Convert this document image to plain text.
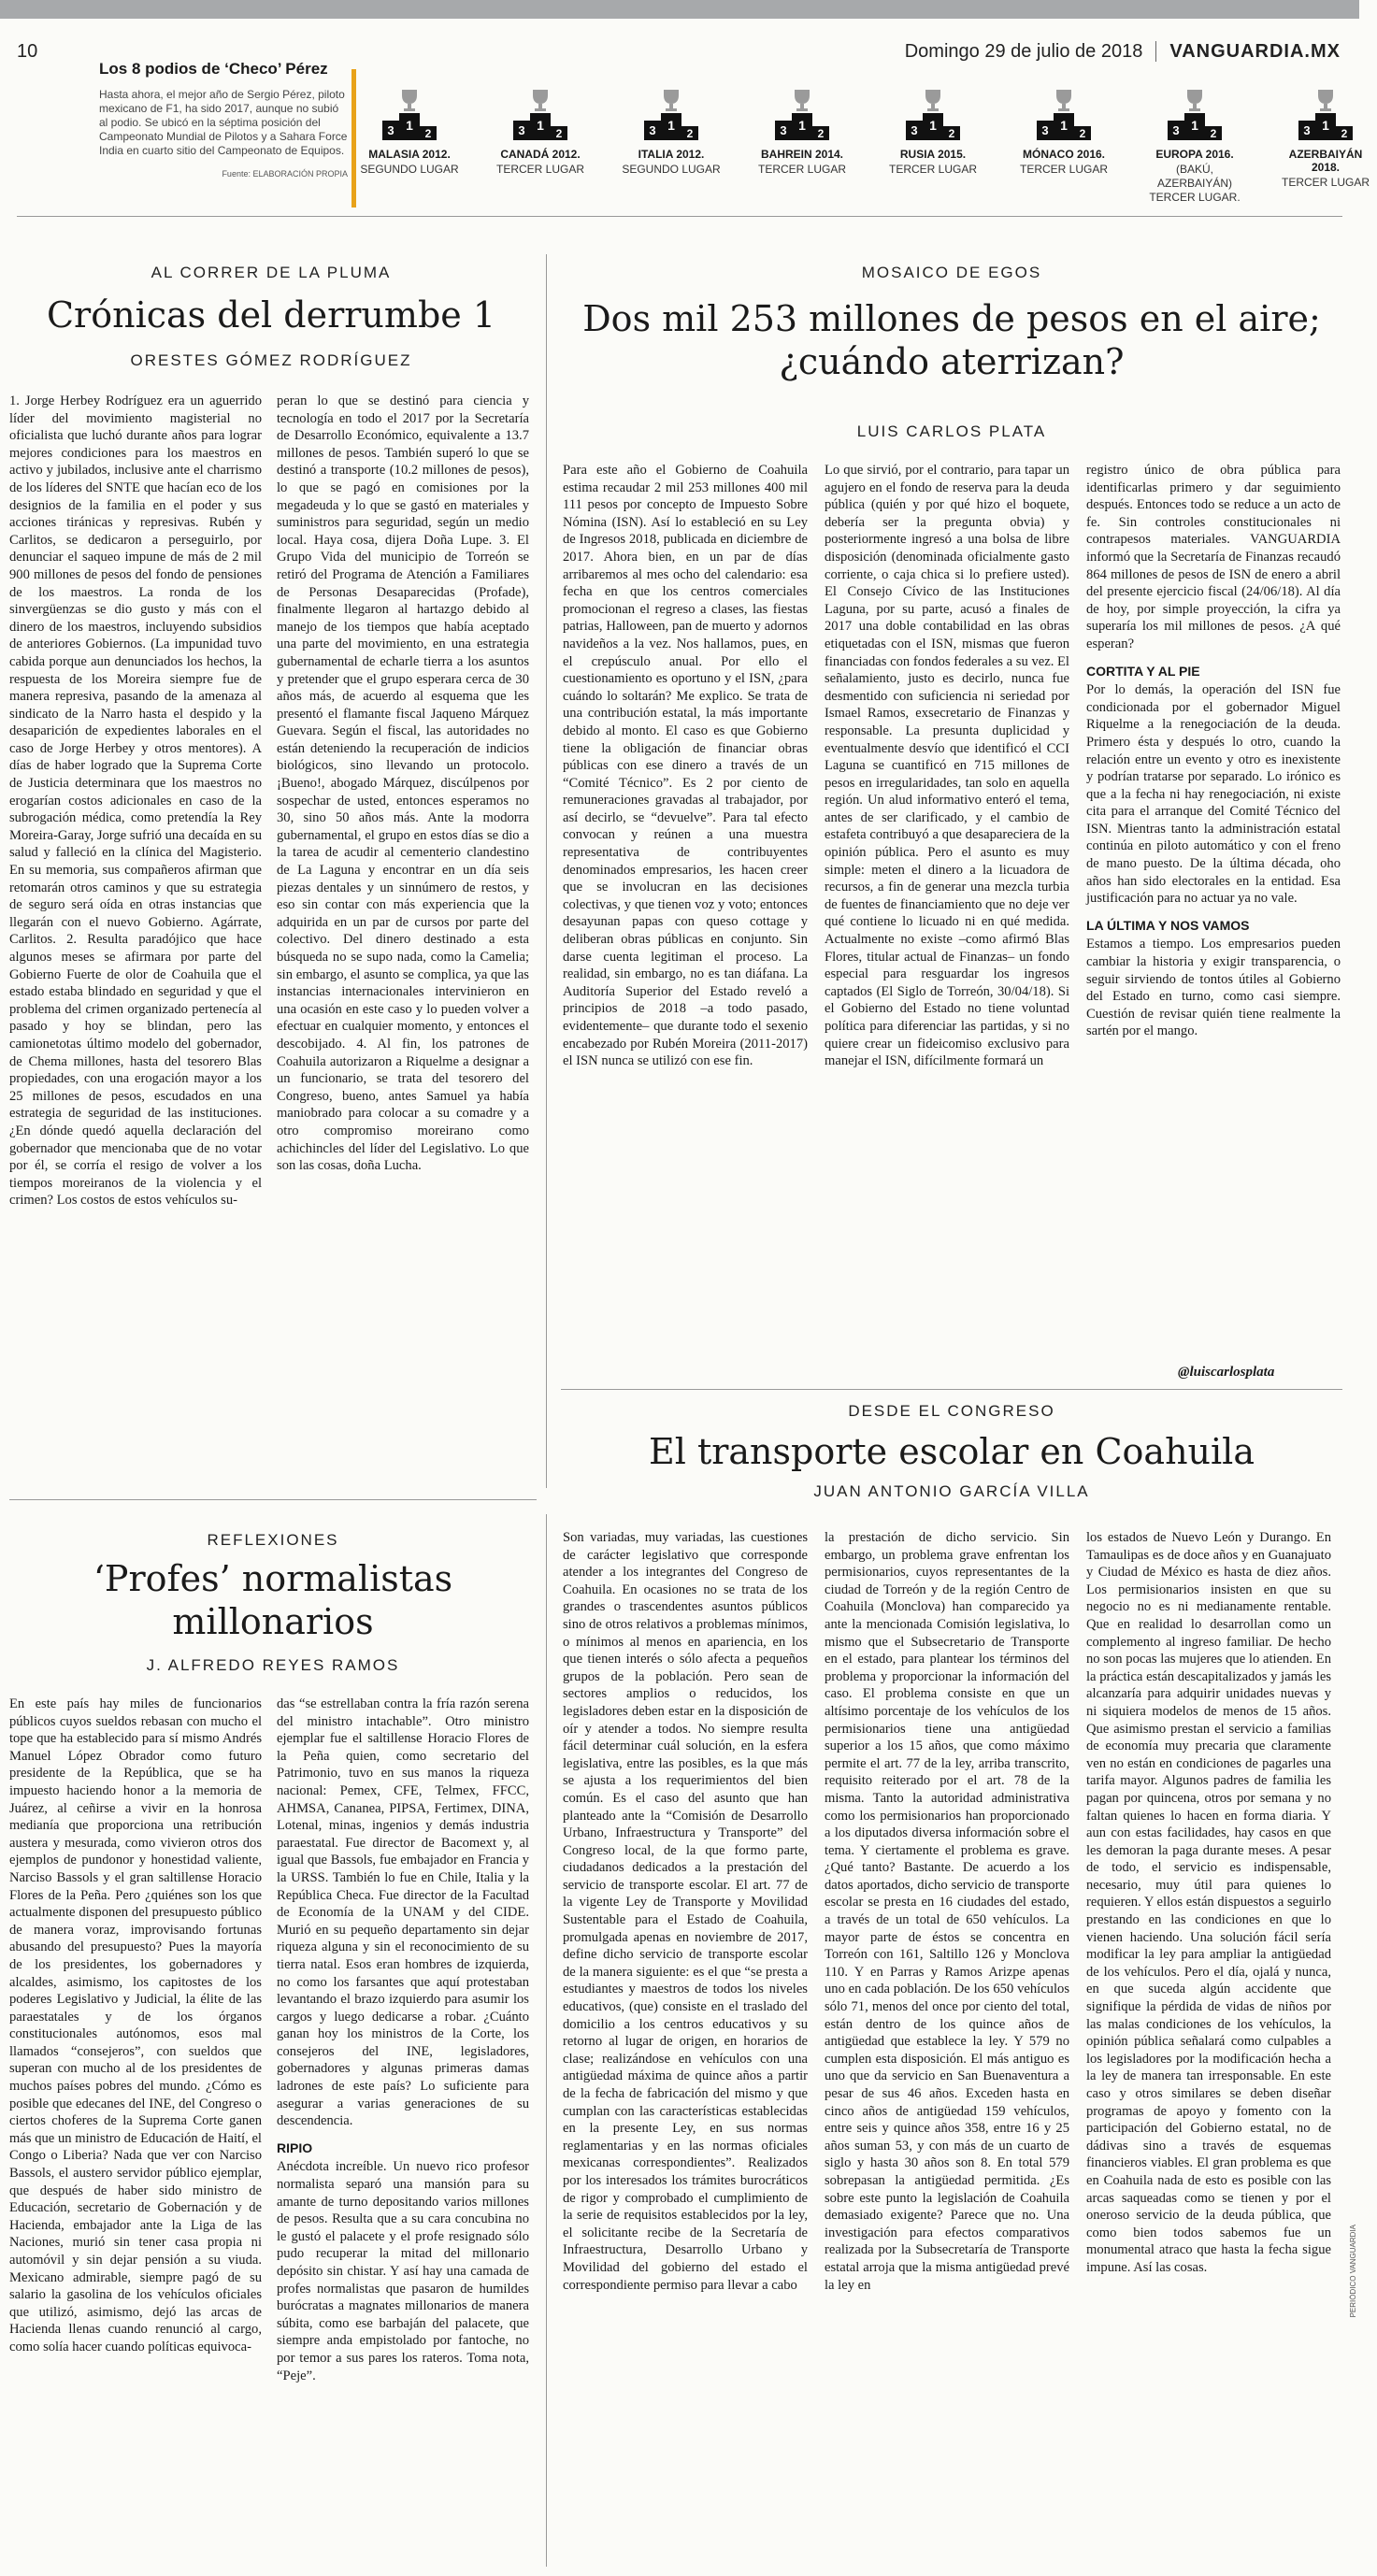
10	Domingo 29 de julio de 2018 VANGUARDIA.MX
Los 8 podios de ‘Checo’ Pérez

Hasta ahora, el mejor año de Sergio Pérez, piloto mexicano de F1, ha sido 2017, aunque no subió al podio. Se ubicó en la séptima posición del Campeonato Mundial de Pilotos y a Sahara Force India en cuarto sitio del Campeonato de Equipos.

Fuente: ELABORACIÓN PROPIA
1
3	2
MALASIA 2012.
SEGUNDO LUGAR
1
3	2
CANADÁ 2012.
TERCER LUGAR
1
3	2
ITALIA 2012.
SEGUNDO LUGAR
1
3	2
BAHREIN 2014.
TERCER LUGAR
1
3	2
RUSIA 2015.
TERCER LUGAR
1
3	2
MÓNACO 2016.
TERCER LUGAR
1
3	2
EUROPA 2016.
(BAKÚ, AZERBAIYÁN) TERCER LUGAR.
1
3	2
AZERBAIYÁN 2018.
TERCER LUGAR
AL CORRER DE LA PLUMA
Crónicas del derrumbe 1
ORESTES GÓMEZ RODRÍGUEZ

1. Jorge Herbey Rodríguez era un aguerrido líder del movimiento magisterial no oficialista que luchó durante años para lograr mejores condiciones para los maestros en activo y jubilados, inclusive ante el charrismo de los líderes del SNTE que hacían eco de los designios de la familia en el poder y sus acciones tiránicas y represivas. Rubén y Carlitos, se dedicaron a perseguirlo, por denunciar el saqueo impune de más de 2 mil 900 millones de pesos del fondo de pensiones de los maestros. La ronda de los sinvergüenzas se dio gusto y más con el dinero de los maestros, incluyendo subsidios de anteriores Gobiernos. (La impunidad tuvo cabida porque aun denunciados los hechos, la respuesta de los Moreira siempre fue de manera represiva, pasando de la amenaza al sindicato de la Narro hasta el despido y la desaparición de expedientes laborales en el caso de Jorge Herbey y otros mentores). A días de haber logrado que la Suprema Corte de Justicia determinara que los maestros no erogarían costos adicionales en caso de la subrogación médica, como pretendía la Rey Moreira-Garay, Jorge sufrió una decaída en su salud y falleció en la clínica del Magisterio. En su memoria, sus compañeros afirman que retomarán otros caminos y que su estrategia de seguro será oída en otras instancias que llegarán con el nuevo Gobierno. Agárrate, Carlitos. 2. Resulta paradójico que hace algunos meses se afirmara por parte del Gobierno Fuerte de olor de Coahuila que el estado estaba blindado en seguridad y que el problema del crimen organizado pertenecía al pasado y hoy se blindan, pero las camionetotas último modelo del gobernador, de Chema millones, hasta del tesorero Blas propiedades, con una erogación mayor a los 25 millones de pesos, escudados en una estrategia de seguridad de las instituciones. ¿En dónde quedó aquella declaración del gobernador que mencionaba que de no votar por él, se corría el resigo de volver a los tiempos moreiranos de la violencia y el crimen? Los costos de estos vehículos su-

peran lo que se destinó para ciencia y tecnología en todo el 2017 por la Secretaría de Desarrollo Económico, equivalente a 13.7 millones de pesos. También superó lo que se destinó a transporte (10.2 millones de pesos), lo que se pagó en comisiones por la megadeuda y lo que se gastó en materiales y suministros para seguridad, según un medio local. Haya cosa, dijera Doña Lupe. 3. El Grupo Vida del municipio de Torreón se retiró del Programa de Atención a Familiares de Personas Desaparecidas (Profade), finalmente llegaron al hartazgo debido al manejo de los tiempos que había aceptado una parte del movimiento, en una estrategia gubernamental de echarle tierra a los asuntos y pretender que el grupo esperara cerca de 30 años más, de acuerdo al esquema que les presentó el flamante fiscal Jaqueno Márquez Guevara. Según el fiscal, las autoridades no están deteniendo la recuperación de indicios biológicos, sino llevando un protocolo. ¡Bueno!, abogado Márquez, discúlpenos por sospechar de usted, entonces esperamos no 30, sino 50 años más. Ante la modorra gubernamental, el grupo en estos días se dio a la tarea de acudir al cementerio clandestino de La Laguna y encontrar en un día seis piezas dentales y un sinnúmero de restos, y eso sin contar con más experiencia que la adquirida en un par de cursos por parte del colectivo. Del dinero destinado a esta búsqueda no se supo nada, como la Camelia; sin embargo, el asunto se complica, ya que las instancias internacionales intervinieron en una ocasión en este caso y lo pueden volver a efectuar en cualquier momento, y entonces el descobijado. 4. Al fin, los patrones de Coahuila autorizaron a Riquelme a designar a un funcionario, se trata del tesorero del Congreso, bueno, antes Samuel ya había maniobrado para colocar a su comadre y a otro compromiso moreirano como achichincles del líder del Legislativo. Lo que son las cosas, doña Lucha.

MOSAICO DE EGOS
Dos mil 253 millones de pesos en el aire; ¿cuándo aterrizan?
LUIS CARLOS PLATA

Para este año el Gobierno de Coahuila estima recaudar 2 mil 253 millones 400 mil 111 pesos por concepto de Impuesto Sobre Nómina (ISN). Así lo estableció en su Ley de Ingresos 2018, publicada en diciembre de 2017. Ahora bien, en un par de días arribaremos al mes ocho del calendario: esa fecha en que los centros comerciales promocionan el regreso a clases, las fiestas patrias, Halloween, pan de muerto y adornos navideños a la vez. Nos hallamos, pues, en el crepúsculo anual. Por ello el cuestionamiento es oportuno y el ISN, ¿para cuándo lo soltarán? Me explico. Se trata de una contribución estatal, la más importante debido al monto. El caso es que Gobierno tiene la obligación de financiar obras públicas con ese dinero a través de un “Comité Técnico”. Es 2 por ciento de remuneraciones gravadas al trabajador, por así decirlo, se “devuelve”. Para tal efecto convocan y reúnen a una muestra representativa de contribuyentes denominados empresarios, les hacen creer que se involucran en las decisiones colectivas, y que tienen voz y voto; entonces desayunan papas con queso cottage y deliberan obras públicas en conjunto. Sin darse cuenta legitiman el proceso. La realidad, sin embargo, no es tan diáfana. La Auditoría Superior del Estado reveló a principios de 2018 –a todo pasado, evidentemente– que durante todo el sexenio encabezado por Rubén Moreira (2011-2017) el ISN nunca se utilizó con ese fin.

Lo que sirvió, por el contrario, para tapar un agujero en el fondo de reserva para la deuda pública (quién y por qué hizo el boquete, debería ser la pregunta obvia) y posteriormente ingresó a una bolsa de libre disposición (denominada oficialmente gasto corriente, o caja chica si lo prefiere usted). El Consejo Cívico de las Instituciones Laguna, por su parte, acusó a finales de 2017 una doble contabilidad en las obras etiquetadas con el ISN, mismas que fueron financiadas con fondos federales a su vez. El señalamiento, justo es decirlo, nunca fue desmentido con suficiencia ni seriedad por Ismael Ramos, exsecretario de Finanzas y responsable. La presunta duplicidad y eventualmente desvío que identificó el CCI Laguna se cuantificó en 715 millones de pesos en irregularidades, tan solo en aquella región. Un alud informativo enteró el tema, antes de ser clarificado, y el cambio de estafeta contribuyó a que desapareciera de la opinión pública. Pero el asunto es muy simple: meten el dinero a la licuadora de recursos, a fin de generar una mezcla turbia de fuentes de financiamiento que no deje ver qué contiene lo licuado ni en qué medida. Actualmente no existe –como afirmó Blas Flores, titular actual de Finanzas– un fondo especial para resguardar los ingresos captados (El Siglo de Torreón, 30/04/18). Si el Gobierno del Estado no tiene voluntad política para diferenciar las partidas, y si no quiere crear un fideicomiso exclusivo para manejar el ISN, difícilmente formará un

registro único de obra pública para identificarlas primero y dar seguimiento después. Entonces todo se reduce a un acto de fe. Sin controles constitucionales ni contrapesos materiales. VANGUARDIA informó que la Secretaría de Finanzas recaudó 864 millones de pesos de ISN de enero a abril del presente ejercicio fiscal (24/06/18). Al día de hoy, por simple proyección, la cifra ya superaría los mil millones de pesos. ¿A qué esperan?

CORTITA Y AL PIE

Por lo demás, la operación del ISN fue condicionada por el gobernador Miguel Riquelme a la renegociación de la deuda. Primero ésta y después lo otro, cuando la relación entre un evento y otro es inexistente y podrían tratarse por separado. Lo irónico es que a la fecha ni hay renegociación, ni existe cita para el arranque del Comité Técnico del ISN. Mientras tanto la administración estatal continúa en piloto automático y con el freno de mano puesto. De la última década, oho años han sido electorales en la entidad. Esa justificación para no actuar ya no vale.

LA ÚLTIMA Y NOS VAMOS

Estamos a tiempo. Los empresarios pueden cambiar la historia y exigir transparencia, o seguir sirviendo de tontos útiles al Gobierno del Estado en turno, como casi siempre. Cuestión de revisar quién tiene realmente la sartén por el mango.

@luiscarlosplata
DESDE EL CONGRESO
El transporte escolar en Coahuila
JUAN ANTONIO GARCÍA VILLA
REFLEXIONES
‘Profes’ normalistas millonarios
J. ALFREDO REYES RAMOS

En este país hay miles de funcionarios públicos cuyos sueldos rebasan con mucho el tope que ha establecido para sí mismo Andrés Manuel López Obrador como futuro presidente de la República, que se ha impuesto haciendo honor a la memoria de Juárez, al ceñirse a vivir en la honrosa medianía que proporciona una retribución austera y mesurada, como vivieron otros dos ejemplos de pundonor y honestidad valiente, Narciso Bassols y el gran saltillense Horacio Flores de la Peña. Pero ¿quiénes son los que actualmente disponen del presupuesto público de manera voraz, improvisando fortunas abusando del presupuesto? Pues la mayoría de los presidentes, los gobernadores y alcaldes, asimismo, los capitostes de los poderes Legislativo y Judicial, la élite de las paraestatales y de los órganos constitucionales autónomos, esos mal llamados “consejeros”, con sueldos que superan con mucho al de los presidentes de muchos países pobres del mundo. ¿Cómo es posible que edecanes del INE, del Congreso o ciertos choferes de la Suprema Corte ganen más que un ministro de Educación de Haití, el Congo o Liberia? Nada que ver con Narciso Bassols, el austero servidor público ejemplar, que después de haber sido ministro de Educación, secretario de Gobernación y de Hacienda, embajador ante la Liga de las Naciones, murió sin tener casa propia ni automóvil y sin dejar pensión a su viuda. Mexicano admirable, siempre pagó de su salario la gasolina de los vehículos oficiales que utilizó, asimismo, dejó las arcas de Hacienda llenas cuando renunció al cargo, como solía hacer cuando políticas equivoca-

das “se estrellaban contra la fría razón serena del ministro intachable”. Otro ministro ejemplar fue el saltillense Horacio Flores de la Peña quien, como secretario del Patrimonio, tuvo en sus manos la riqueza nacional: Pemex, CFE, Telmex, FFCC, AHMSA, Cananea, PIPSA, Fertimex, DINA, Lotenal, minas, ingenios y demás industria paraestatal. Fue director de Bacomext y, al igual que Bassols, fue embajador en Francia y la URSS. También lo fue en Chile, Italia y la República Checa. Fue director de la Facultad de Economía de la UNAM y del CIDE. Murió en su pequeño departamento sin dejar riqueza alguna y sin el reconocimiento de su tierra natal. Esos eran hombres de izquierda, no como los farsantes que aquí protestaban levantando el brazo izquierdo para asumir los cargos y luego dedicarse a robar. ¿Cuánto ganan hoy los ministros de la Corte, los consejeros del INE, legisladores, gobernadores y algunas primeras damas ladrones de este país? Lo suficiente para asegurar a varias generaciones de su descendencia.

RIPIO

Anécdota increíble. Un nuevo rico profesor normalista separó una mansión para su amante de turno depositando varios millones de pesos. Resulta que a su cara concubina no le gustó el palacete y el profe resignado sólo pudo recuperar la mitad del millonario depósito sin chistar. Y así hay una camada de profes normalistas que pasaron de humildes burócratas a magnates millonarios de manera súbita, como ese barbaján del palacete, que siempre anda empistolado por fantoche, no por temor a sus pares los rateros. Toma nota, “Peje”.

Son variadas, muy variadas, las cuestiones de carácter legislativo que corresponde atender a los integrantes del Congreso de Coahuila. En ocasiones no se trata de los grandes o trascendentes asuntos públicos sino de otros relativos a problemas mínimos, o mínimos al menos en apariencia, en los que tienen interés o sólo afecta a pequeños grupos de la población. Pero sean de sectores amplios o reducidos, los legisladores deben estar en la disposición de oír y atender a todos. No siempre resulta fácil determinar cuál solución, en la esfera legislativa, entre las posibles, es la que más se ajusta a los requerimientos del bien común. Es el caso del asunto que han planteado ante la “Comisión de Desarrollo Urbano, Infraestructura y Transporte” del Congreso local, de la que formo parte, ciudadanos dedicados a la prestación del servicio de transporte escolar. El art. 77 de la vigente Ley de Transporte y Movilidad Sustentable para el Estado de Coahuila, promulgada apenas en noviembre de 2017, define dicho servicio de transporte escolar de la manera siguiente: es el que “se presta a estudiantes y maestros de todos los niveles educativos, (que) consiste en el traslado del domicilio a los centros educativos y su retorno al lugar de origen, en horarios de clase; realizándose en vehículos con una antigüedad máxima de quince años a partir de la fecha de fabricación del mismo y que cumplan con las características establecidas en la presente Ley, en sus normas reglamentarias y en las normas oficiales mexicanas correspondientes”. Realizados por los interesados los trámites burocráticos de rigor y comprobado el cumplimiento de la serie de requisitos establecidos por la ley, el solicitante recibe de la Secretaría de Infraestructura, Desarrollo Urbano y Movilidad del gobierno del estado el correspondiente permiso para llevar a cabo

la prestación de dicho servicio. Sin embargo, un problema grave enfrentan los permisionarios, cuyos representantes de la ciudad de Torreón y de la región Centro de Coahuila (Monclova) han comparecido ya ante la mencionada Comisión legislativa, lo mismo que el Subsecretario de Transporte en el estado, para plantear los términos del problema y proporcionar la información del caso. El problema consiste en que un altísimo porcentaje de los vehículos de los permisionarios tiene una antigüedad superior a los 15 años, que como máximo permite el art. 77 de la ley, arriba transcrito, requisito reiterado por el art. 78 de la misma. Tanto la autoridad administrativa como los permisionarios han proporcionado a los diputados diversa información sobre el tema. Y ciertamente el problema es grave. ¿Qué tanto? Bastante. De acuerdo a los datos aportados, dicho servicio de transporte escolar se presta en 16 ciudades del estado, a través de un total de 650 vehículos. La mayor parte de éstos se concentra en Torreón con 161, Saltillo 126 y Monclova 110. Y en Parras y Ramos Arizpe apenas uno en cada población. De los 650 vehículos sólo 71, menos del once por ciento del total, están dentro de los quince años de antigüedad que establece la ley. Y 579 no cumplen esta disposición. El más antiguo es uno que da servicio en San Buenaventura a pesar de sus 46 años. Exceden hasta en cinco años de antigüedad 159 vehículos, entre seis y quince años 358, entre 16 y 25 años suman 53, y con más de un cuarto de siglo y hasta 30 años son 8. En total 579 sobrepasan la antigüedad permitida. ¿Es sobre este punto la legislación de Coahuila demasiado exigente? Parece que no. Una investigación para efectos comparativos realizada por la Subsecretaría de Transporte estatal arroja que la misma antigüedad prevé la ley en

los estados de Nuevo León y Durango. En Tamaulipas es de doce años y en Guanajuato y Ciudad de México es hasta de diez años. Los permisionarios insisten en que su negocio no es ni medianamente rentable. Que en realidad lo desarrollan como un complemento al ingreso familiar. De hecho no son pocas las mujeres que lo atienden. En la práctica están descapitalizados y jamás les alcanzaría para adquirir unidades nuevas y ni siquiera modelos de menos de 15 años. Que asimismo prestan el servicio a familias de economía muy precaria que claramente ven no están en condiciones de pagarles una tarifa mayor. Algunos padres de familia les pagan por quincena, otros por semana y no faltan quienes lo hacen en forma diaria. Y aun con estas facilidades, hay casos en que les demoran la paga durante meses. A pesar de todo, el servicio es indispensable, necesario, muy útil para quienes lo requieren. Y ellos están dispuestos a seguirlo prestando en las condiciones en que lo vienen haciendo. Una solución fácil sería modificar la ley para ampliar la antigüedad de los vehículos. Pero el día, ojalá y nunca, en que suceda algún accidente que signifique la pérdida de vidas de niños por las malas condiciones de los vehículos, la opinión pública señalará como culpables a los legisladores por la modificación hecha a la ley de manera tan irresponsable. En este caso y otros similares se deben diseñar programas de apoyo y fomento con la participación del Gobierno estatal, no de dádivas sino a través de esquemas financieros viables. El gran problema es que en Coahuila nada de esto es posible con las arcas saqueadas como se tienen y por el oneroso servicio de la deuda pública, que como bien todos sabemos fue un monumental atraco que hasta la fecha sigue impune. Así las cosas.	PERIÓDICO VANGUARDIA
